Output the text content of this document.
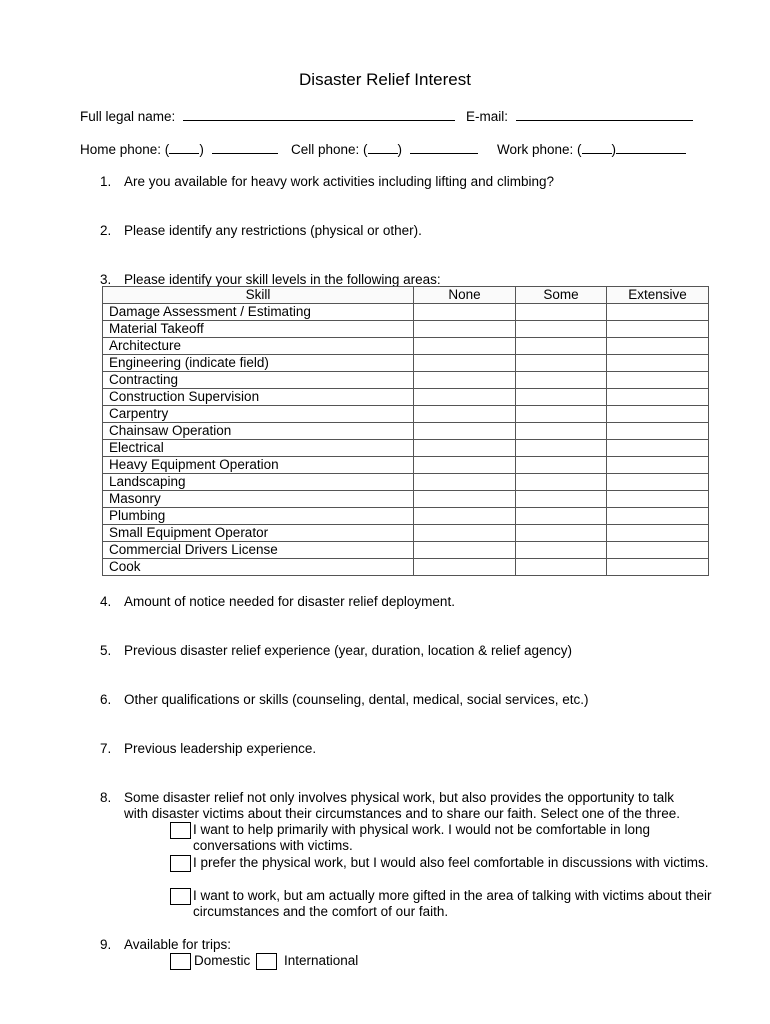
Disaster Relief Interest
Full legal name:	E-mail:
Home phone: ( )	Cell phone: ( )	Work phone: ( )
1. Are you available for heavy work activities including lifting and climbing?
2. Please identify any restrictions (physical or other).
3. Please identify your skill levels in the following areas:
Skill	None	Some	Extensive
Damage Assessment / Estimating			
Material Takeoff			
Architecture			
Engineering (indicate field)			
Contracting			
Construction Supervision			
Carpentry			
Chainsaw Operation			
Electrical			
Heavy Equipment Operation			
Landscaping			
Masonry			
Plumbing			
Small Equipment Operator			
Commercial Drivers License			
Cook			
4. Amount of notice needed for disaster relief deployment.
5. Previous disaster relief experience (year, duration, location & relief agency)
6. Other qualifications or skills (counseling, dental, medical, social services, etc.)
7. Previous leadership experience.
8. Some disaster relief not only involves physical work, but also provides the opportunity to talk with disaster victims about their circumstances and to share our faith. Select one of the three.
I want to help primarily with physical work. I would not be comfortable in long conversations with victims.
I prefer the physical work, but I would also feel comfortable in discussions with victims.
I want to work, but am actually more gifted in the area of talking with victims about their circumstances and the comfort of our faith.
9. Available for trips:
Domestic International
